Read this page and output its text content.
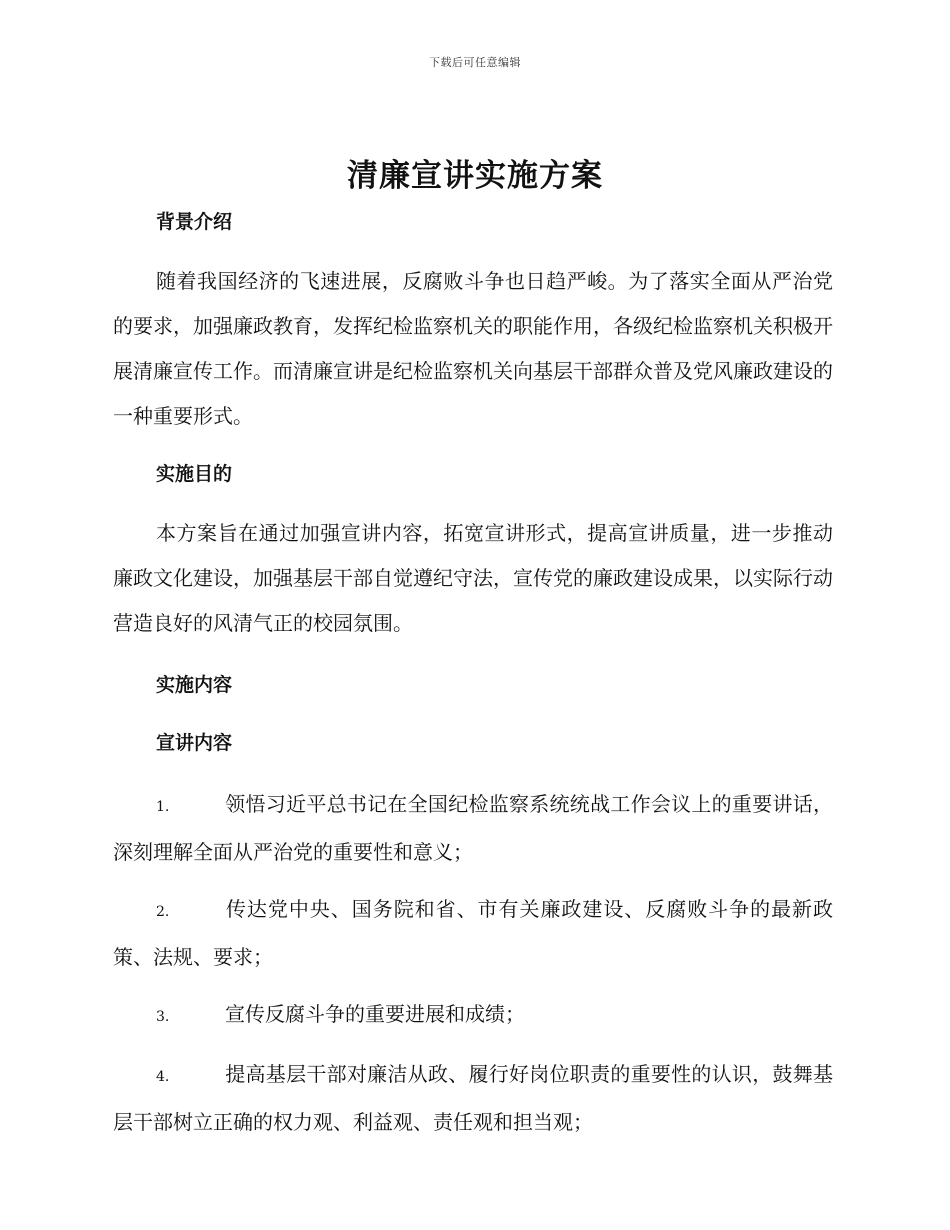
下载后可任意编辑
清廉宣讲实施方案

背景介绍

随着我国经济的飞速进展，反腐败斗争也日趋严峻。为了落实全面从严治党的要求，加强廉政教育，发挥纪检监察机关的职能作用，各级纪检监察机关积极开展清廉宣传工作。而清廉宣讲是纪检监察机关向基层干部群众普及党风廉政建设的一种重要形式。

实施目的

本方案旨在通过加强宣讲内容，拓宽宣讲形式，提高宣讲质量，进一步推动廉政文化建设，加强基层干部自觉遵纪守法，宣传党的廉政建设成果，以实际行动营造良好的风清气正的校园氛围。

实施内容

宣讲内容

1.	领悟习近平总书记在全国纪检监察系统统战工作会议上的重要讲话，深刻理解全面从严治党的重要性和意义；

2.	传达党中央、国务院和省、市有关廉政建设、反腐败斗争的最新政策、法规、要求；

3.	宣传反腐斗争的重要进展和成绩；

4.	提高基层干部对廉洁从政、履行好岗位职责的重要性的认识，鼓舞基层干部树立正确的权力观、利益观、责任观和担当观；
